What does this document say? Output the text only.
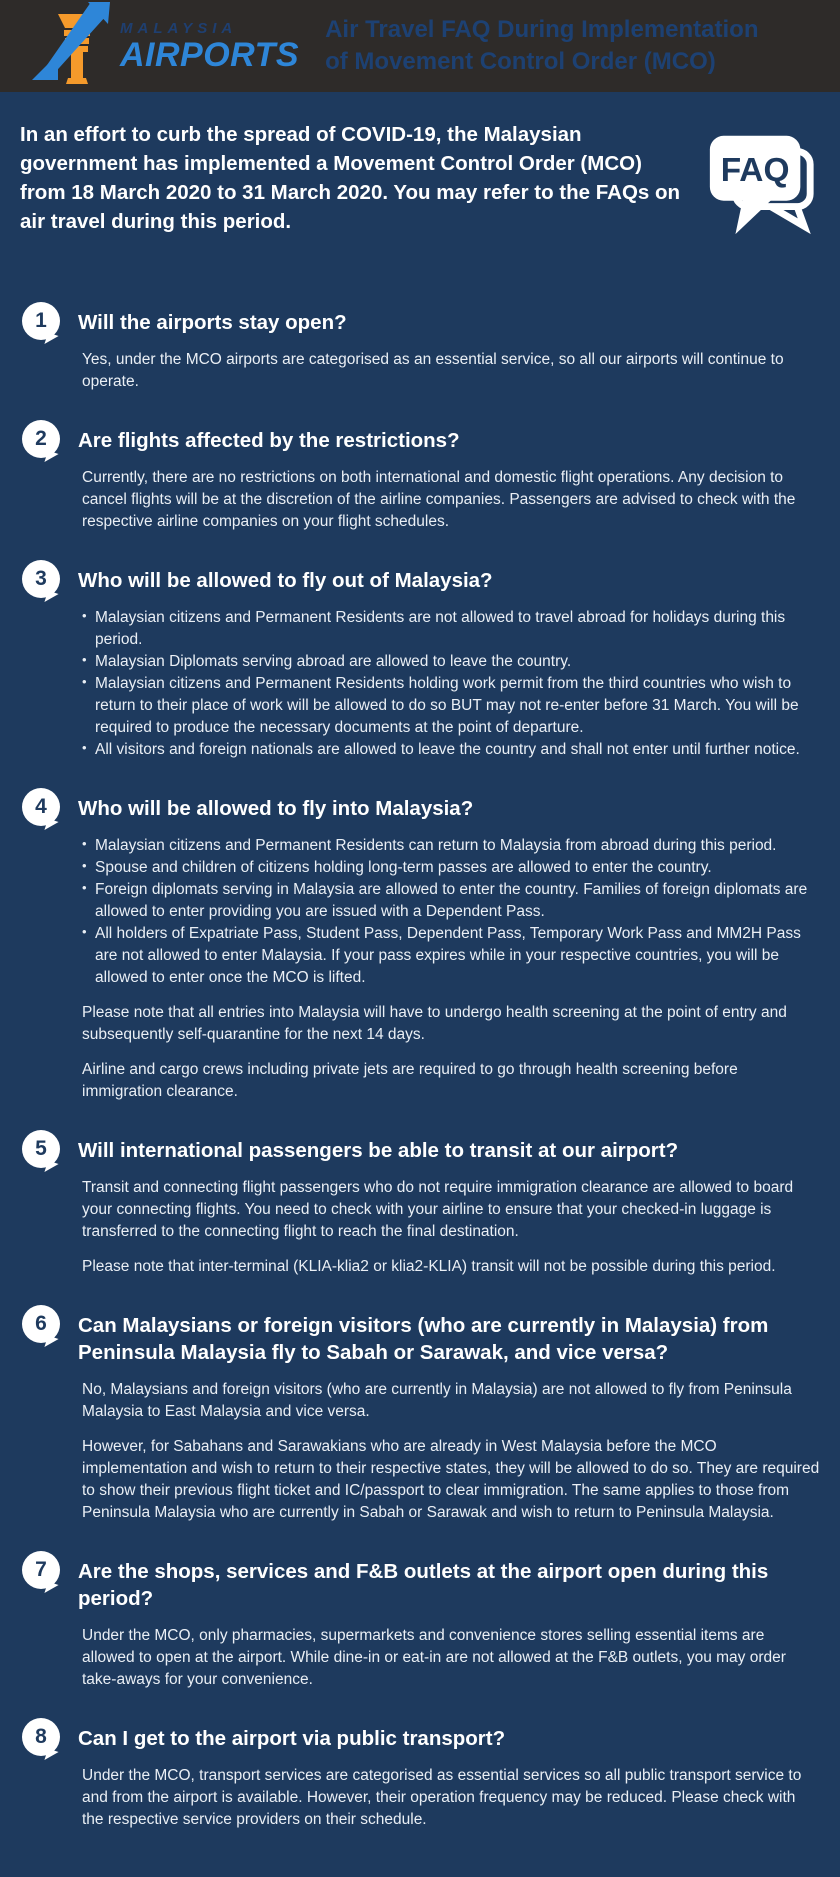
MALAYSIA
AIRPORTS
Air Travel FAQ During Implementation
of Movement Control Order (MCO)
In an effort to curb the spread of COVID-19, the Malaysian government has implemented a Movement Control Order (MCO) from 18 March 2020 to 31 March 2020. You may refer to the FAQs on air travel during this period.
FAQ
1	Will the airports stay open?

Yes, under the MCO airports are categorised as an essential service, so all our airports will continue to operate.

2	Are flights affected by the restrictions?

Currently, there are no restrictions on both international and domestic flight operations. Any decision to cancel flights will be at the discretion of the airline companies. Passengers are advised to check with the respective airline companies on your flight schedules.

3	Who will be allowed to fly out of Malaysia?
• Malaysian citizens and Permanent Residents are not allowed to travel abroad for holidays during this period.
• Malaysian Diplomats serving abroad are allowed to leave the country.
• Malaysian citizens and Permanent Residents holding work permit from the third countries who wish to return to their place of work will be allowed to do so BUT may not re-enter before 31 March. You will be required to produce the necessary documents at the point of departure.
• All visitors and foreign nationals are allowed to leave the country and shall not enter until further notice.
4	Who will be allowed to fly into Malaysia?
• Malaysian citizens and Permanent Residents can return to Malaysia from abroad during this period.
• Spouse and children of citizens holding long-term passes are allowed to enter the country.
• Foreign diplomats serving in Malaysia are allowed to enter the country. Families of foreign diplomats are allowed to enter providing you are issued with a Dependent Pass.
• All holders of Expatriate Pass, Student Pass, Dependent Pass, Temporary Work Pass and MM2H Pass are not allowed to enter Malaysia. If your pass expires while in your respective countries, you will be allowed to enter once the MCO is lifted.

Please note that all entries into Malaysia will have to undergo health screening at the point of entry and subsequently self-quarantine for the next 14 days.

Airline and cargo crews including private jets are required to go through health screening before immigration clearance.

5	Will international passengers be able to transit at our airport?

Transit and connecting flight passengers who do not require immigration clearance are allowed to board your connecting flights. You need to check with your airline to ensure that your checked-in luggage is transferred to the connecting flight to reach the final destination.

Please note that inter-terminal (KLIA-klia2 or klia2-KLIA) transit will not be possible during this period.

6	Can Malaysians or foreign visitors (who are currently in Malaysia) from Peninsula Malaysia fly to Sabah or Sarawak, and vice versa?

No, Malaysians and foreign visitors (who are currently in Malaysia) are not allowed to fly from Peninsula Malaysia to East Malaysia and vice versa.

However, for Sabahans and Sarawakians who are already in West Malaysia before the MCO implementation and wish to return to their respective states, they will be allowed to do so. They are required to show their previous flight ticket and IC/passport to clear immigration. The same applies to those from Peninsula Malaysia who are currently in Sabah or Sarawak and wish to return to Peninsula Malaysia.

7	Are the shops, services and F&B outlets at the airport open during this period?

Under the MCO, only pharmacies, supermarkets and convenience stores selling essential items are allowed to open at the airport. While dine-in or eat-in are not allowed at the F&B outlets, you may order take-aways for your convenience.

8	Can I get to the airport via public transport?

Under the MCO, transport services are categorised as essential services so all public transport service to and from the airport is available. However, their operation frequency may be reduced. Please check with the respective service providers on their schedule.
